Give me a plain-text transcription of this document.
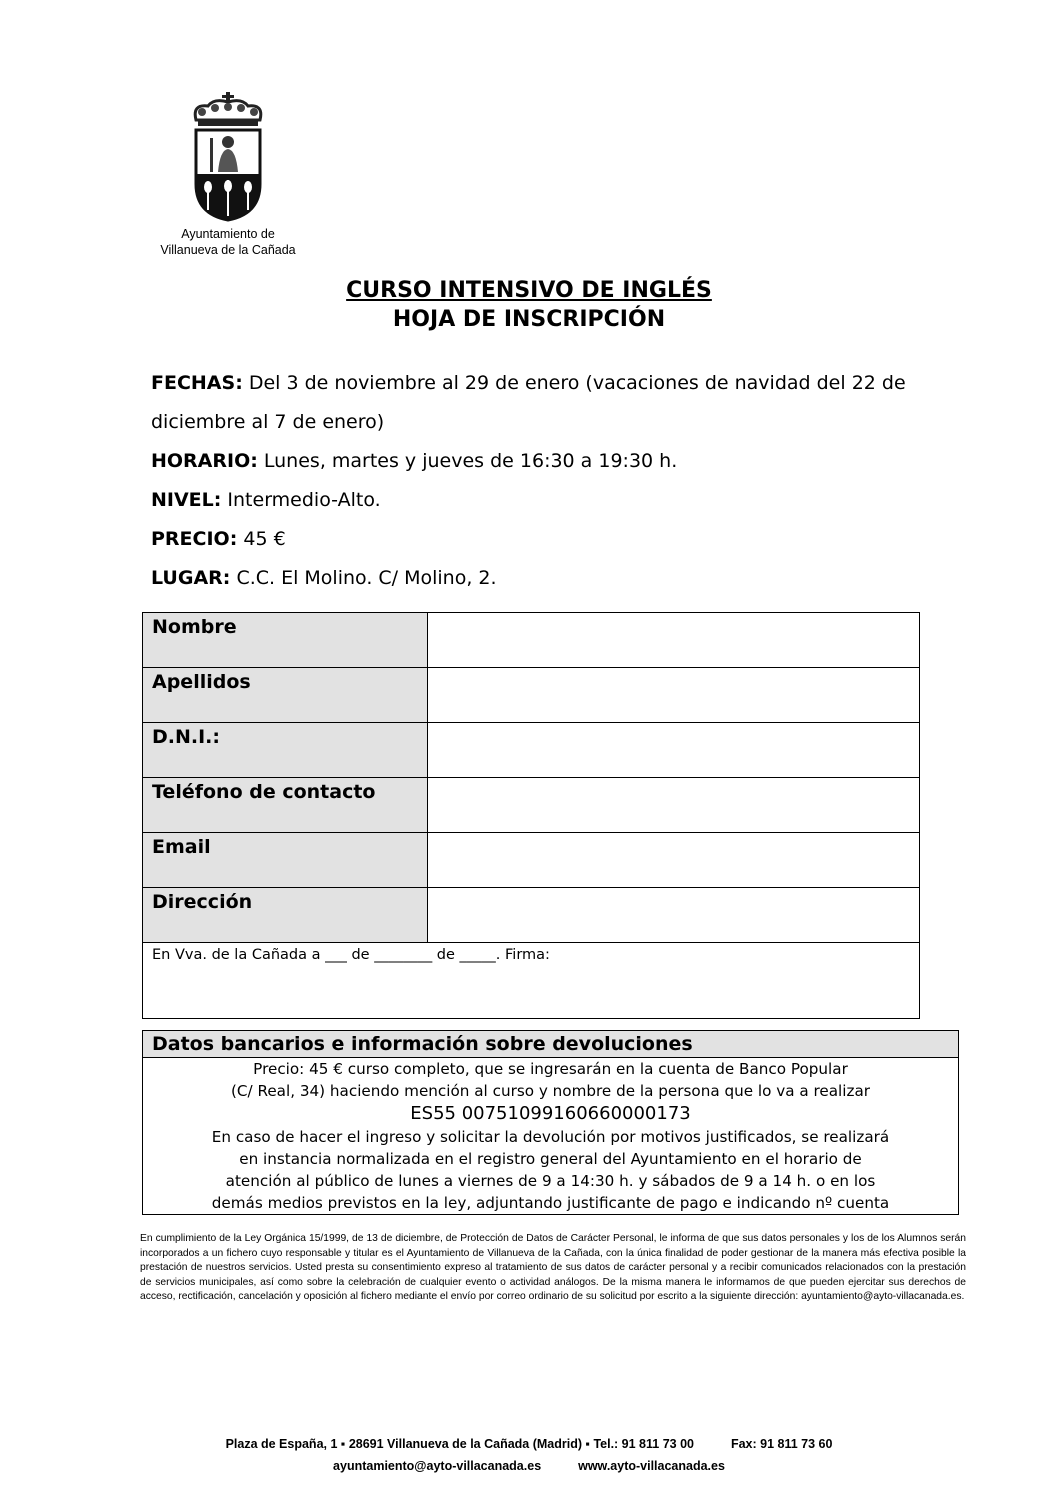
Ayuntamiento de
Villanueva de la Cañada
CURSO INTENSIVO DE INGLÉS
HOJA DE INSCRIPCIÓN
FECHAS: Del 3 de noviembre al 29 de enero (vacaciones de navidad del 22 de diciembre al 7 de enero)
HORARIO: Lunes, martes y jueves de 16:30 a 19:30 h.
NIVEL: Intermedio-Alto.
PRECIO: 45 €
LUGAR: C.C. El Molino. C/ Molino, 2.
Nombre	
Apellidos	
D.N.I.:	
Teléfono de contacto	
Email	
Dirección	
En Vva. de la Cañada a ___ de ________ de _____. Firma:	
Datos bancarios e información sobre devoluciones
Precio: 45 € curso completo, que se ingresarán en la cuenta de Banco Popular
(C/ Real, 34) haciendo mención al curso y nombre de la persona que lo va a realizar
ES55 00751099160660000173
En caso de hacer el ingreso y solicitar la devolución por motivos justificados, se realizará
en instancia normalizada en el registro general del Ayuntamiento en el horario de
atención al público de lunes a viernes de 9 a 14:30 h. y sábados de 9 a 14 h. o en los
demás medios previstos en la ley, adjuntando justificante de pago e indicando nº cuenta
En cumplimiento de la Ley Orgánica 15/1999, de 13 de diciembre, de Protección de Datos de Carácter Personal, le informa de que sus datos personales y los de los Alumnos serán incorporados a un fichero cuyo responsable y titular es el Ayuntamiento de Villanueva de la Cañada, con la única finalidad de poder gestionar de la manera más efectiva posible la prestación de nuestros servicios. Usted presta su consentimiento expreso al tratamiento de sus datos de carácter personal y a recibir comunicados relacionados con la prestación de servicios municipales, así como sobre la celebración de cualquier evento o actividad análogos. De la misma manera le informamos de que pueden ejercitar sus derechos de acceso, rectificación, cancelación y oposición al fichero mediante el envío por correo ordinario de su solicitud por escrito a la siguiente dirección: ayuntamiento@ayto-villacanada.es.
Plaza de España, 1 ▪ 28691 Villanueva de la Cañada (Madrid) ▪ Tel.: 91 811 73 00	Fax: 91 811 73 60
ayuntamiento@ayto-villacanada.es	www.ayto-villacanada.es
